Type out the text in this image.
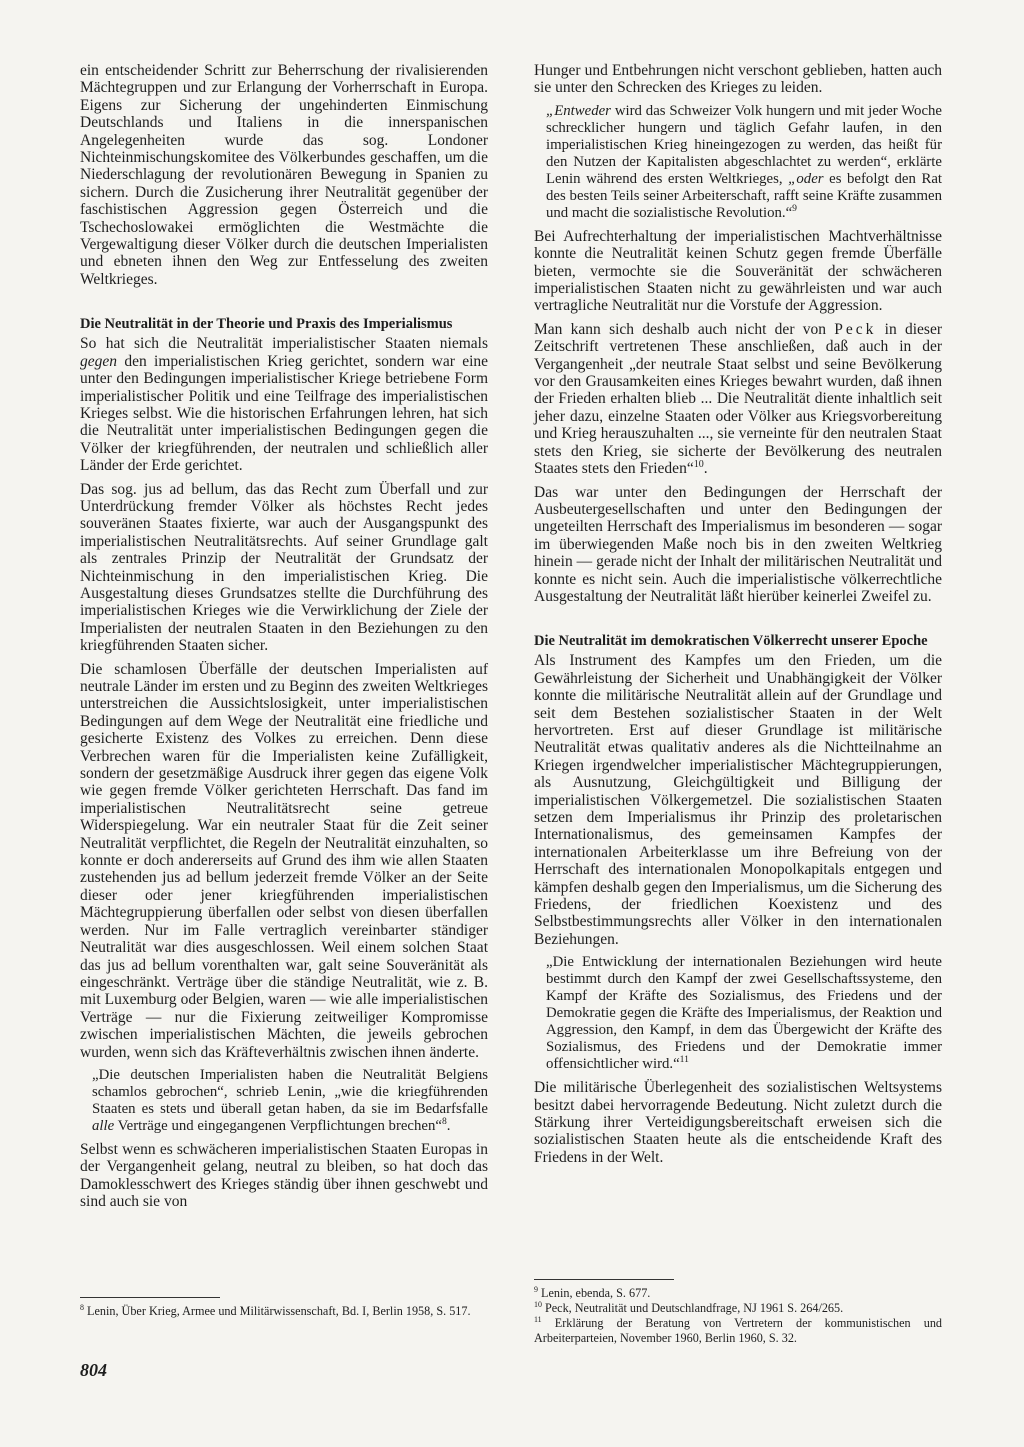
ein entscheidender Schritt zur Beherrschung der rivalisierenden Mächtegruppen und zur Erlangung der Vorherrschaft in Europa. Eigens zur Sicherung der ungehinderten Einmischung Deutschlands und Italiens in die innerspanischen Angelegenheiten wurde das sog. Londoner Nichteinmischungskomitee des Völkerbundes geschaffen, um die Niederschlagung der revolutionären Bewegung in Spanien zu sichern. Durch die Zusicherung ihrer Neutralität gegenüber der faschistischen Aggression gegen Österreich und die Tschechoslowakei ermöglichten die Westmächte die Vergewaltigung dieser Völker durch die deutschen Imperialisten und ebneten ihnen den Weg zur Entfesselung des zweiten Weltkrieges.

Die Neutralität in der Theorie und Praxis des Imperialismus

So hat sich die Neutralität imperialistischer Staaten niemals gegen den imperialistischen Krieg gerichtet, sondern war eine unter den Bedingungen imperialistischer Kriege betriebene Form imperialistischer Politik und eine Teilfrage des imperialistischen Krieges selbst. Wie die historischen Erfahrungen lehren, hat sich die Neutralität unter imperialistischen Bedingungen gegen die Völker der kriegführenden, der neutralen und schließlich aller Länder der Erde gerichtet.

Das sog. jus ad bellum, das das Recht zum Überfall und zur Unterdrückung fremder Völker als höchstes Recht jedes souveränen Staates fixierte, war auch der Ausgangspunkt des imperialistischen Neutralitätsrechts. Auf seiner Grundlage galt als zentrales Prinzip der Neutralität der Grundsatz der Nichteinmischung in den imperialistischen Krieg. Die Ausgestaltung dieses Grundsatzes stellte die Durchführung des imperialistischen Krieges wie die Verwirklichung der Ziele der Imperialisten der neutralen Staaten in den Beziehungen zu den kriegführenden Staaten sicher.

Die schamlosen Überfälle der deutschen Imperialisten auf neutrale Länder im ersten und zu Beginn des zweiten Weltkrieges unterstreichen die Aussichtslosigkeit, unter imperialistischen Bedingungen auf dem Wege der Neutralität eine friedliche und gesicherte Existenz des Volkes zu erreichen. Denn diese Verbrechen waren für die Imperialisten keine Zufälligkeit, sondern der gesetzmäßige Ausdruck ihrer gegen das eigene Volk wie gegen fremde Völker gerichteten Herrschaft. Das fand im imperialistischen Neutralitätsrecht seine getreue Widerspiegelung. War ein neutraler Staat für die Zeit seiner Neutralität verpflichtet, die Regeln der Neutralität einzuhalten, so konnte er doch andererseits auf Grund des ihm wie allen Staaten zustehenden jus ad bellum jederzeit fremde Völker an der Seite dieser oder jener kriegführenden imperialistischen Mächtegruppierung überfallen oder selbst von diesen überfallen werden. Nur im Falle vertraglich vereinbarter ständiger Neutralität war dies ausgeschlossen. Weil einem solchen Staat das jus ad bellum vorenthalten war, galt seine Souveränität als eingeschränkt. Verträge über die ständige Neutralität, wie z. B. mit Luxemburg oder Belgien, waren — wie alle imperialistischen Verträge — nur die Fixierung zeitweiliger Kompromisse zwischen imperialistischen Mächten, die jeweils gebrochen wurden, wenn sich das Kräfteverhältnis zwischen ihnen änderte.

„Die deutschen Imperialisten haben die Neutralität Belgiens schamlos gebrochen“, schrieb Lenin, „wie die kriegführenden Staaten es stets und überall getan haben, da sie im Bedarfsfalle alle Verträge und eingegangenen Verpflichtungen brechen“$^8$.

Selbst wenn es schwächeren imperialistischen Staaten Europas in der Vergangenheit gelang, neutral zu bleiben, so hat doch das Damoklesschwert des Krieges ständig über ihnen geschwebt und sind auch sie von

Hunger und Entbehrungen nicht verschont geblieben, hatten auch sie unter den Schrecken des Krieges zu leiden.

„Entweder wird das Schweizer Volk hungern und mit jeder Woche schrecklicher hungern und täglich Gefahr laufen, in den imperialistischen Krieg hineingezogen zu werden, das heißt für den Nutzen der Kapitalisten abgeschlachtet zu werden“, erklärte Lenin während des ersten Weltkrieges, „oder es befolgt den Rat des besten Teils seiner Arbeiterschaft, rafft seine Kräfte zusammen und macht die sozialistische Revolution.“$^9$

Bei Aufrechterhaltung der imperialistischen Machtverhältnisse konnte die Neutralität keinen Schutz gegen fremde Überfälle bieten, vermochte sie die Souveränität der schwächeren imperialistischen Staaten nicht zu gewährleisten und war auch vertragliche Neutralität nur die Vorstufe der Aggression.

Man kann sich deshalb auch nicht der von Peck in dieser Zeitschrift vertretenen These anschließen, daß auch in der Vergangenheit „der neutrale Staat selbst und seine Bevölkerung vor den Grausamkeiten eines Krieges bewahrt wurden, daß ihnen der Frieden erhalten blieb ... Die Neutralität diente inhaltlich seit jeher dazu, einzelne Staaten oder Völker aus Kriegsvorbereitung und Krieg herauszuhalten ..., sie verneinte für den neutralen Staat stets den Krieg, sie sicherte der Bevölkerung des neutralen Staates stets den Frieden“$^{10}$.

Das war unter den Bedingungen der Herrschaft der Ausbeutergesellschaften und unter den Bedingungen der ungeteilten Herrschaft des Imperialismus im besonderen — sogar im überwiegenden Maße noch bis in den zweiten Weltkrieg hinein — gerade nicht der Inhalt der militärischen Neutralität und konnte es nicht sein. Auch die imperialistische völkerrechtliche Ausgestaltung der Neutralität läßt hierüber keinerlei Zweifel zu.

Die Neutralität im demokratischen Völkerrecht unserer Epoche

Als Instrument des Kampfes um den Frieden, um die Gewährleistung der Sicherheit und Unabhängigkeit der Völker konnte die militärische Neutralität allein auf der Grundlage und seit dem Bestehen sozialistischer Staaten in der Welt hervortreten. Erst auf dieser Grundlage ist militärische Neutralität etwas qualitativ anderes als die Nichtteilnahme an Kriegen irgendwelcher imperialistischer Mächtegruppierungen, als Ausnutzung, Gleichgültigkeit und Billigung der imperialistischen Völkergemetzel. Die sozialistischen Staaten setzen dem Imperialismus ihr Prinzip des proletarischen Internationalismus, des gemeinsamen Kampfes der internationalen Arbeiterklasse um ihre Befreiung von der Herrschaft des internationalen Monopolkapitals entgegen und kämpfen deshalb gegen den Imperialismus, um die Sicherung des Friedens, der friedlichen Koexistenz und des Selbstbestimmungsrechts aller Völker in den internationalen Beziehungen.

„Die Entwicklung der internationalen Beziehungen wird heute bestimmt durch den Kampf der zwei Gesellschaftssysteme, den Kampf der Kräfte des Sozialismus, des Friedens und der Demokratie gegen die Kräfte des Imperialismus, der Reaktion und Aggression, den Kampf, in dem das Übergewicht der Kräfte des Sozialismus, des Friedens und der Demokratie immer offensichtlicher wird.“$^{11}$

Die militärische Überlegenheit des sozialistischen Weltsystems besitzt dabei hervorragende Bedeutung. Nicht zuletzt durch die Stärkung ihrer Verteidigungsbereitschaft erweisen sich die sozialistischen Staaten heute als die entscheidende Kraft des Friedens in der Welt.

$^8$ Lenin, Über Krieg, Armee und Militärwissenschaft, Bd. I, Berlin 1958, S. 517.

$^9$ Lenin, ebenda, S. 677.

$^{10}$ Peck, Neutralität und Deutschlandfrage, NJ 1961 S. 264/265.

$^{11}$ Erklärung der Beratung von Vertretern der kommunistischen und Arbeiterparteien, November 1960, Berlin 1960, S. 32.

804
